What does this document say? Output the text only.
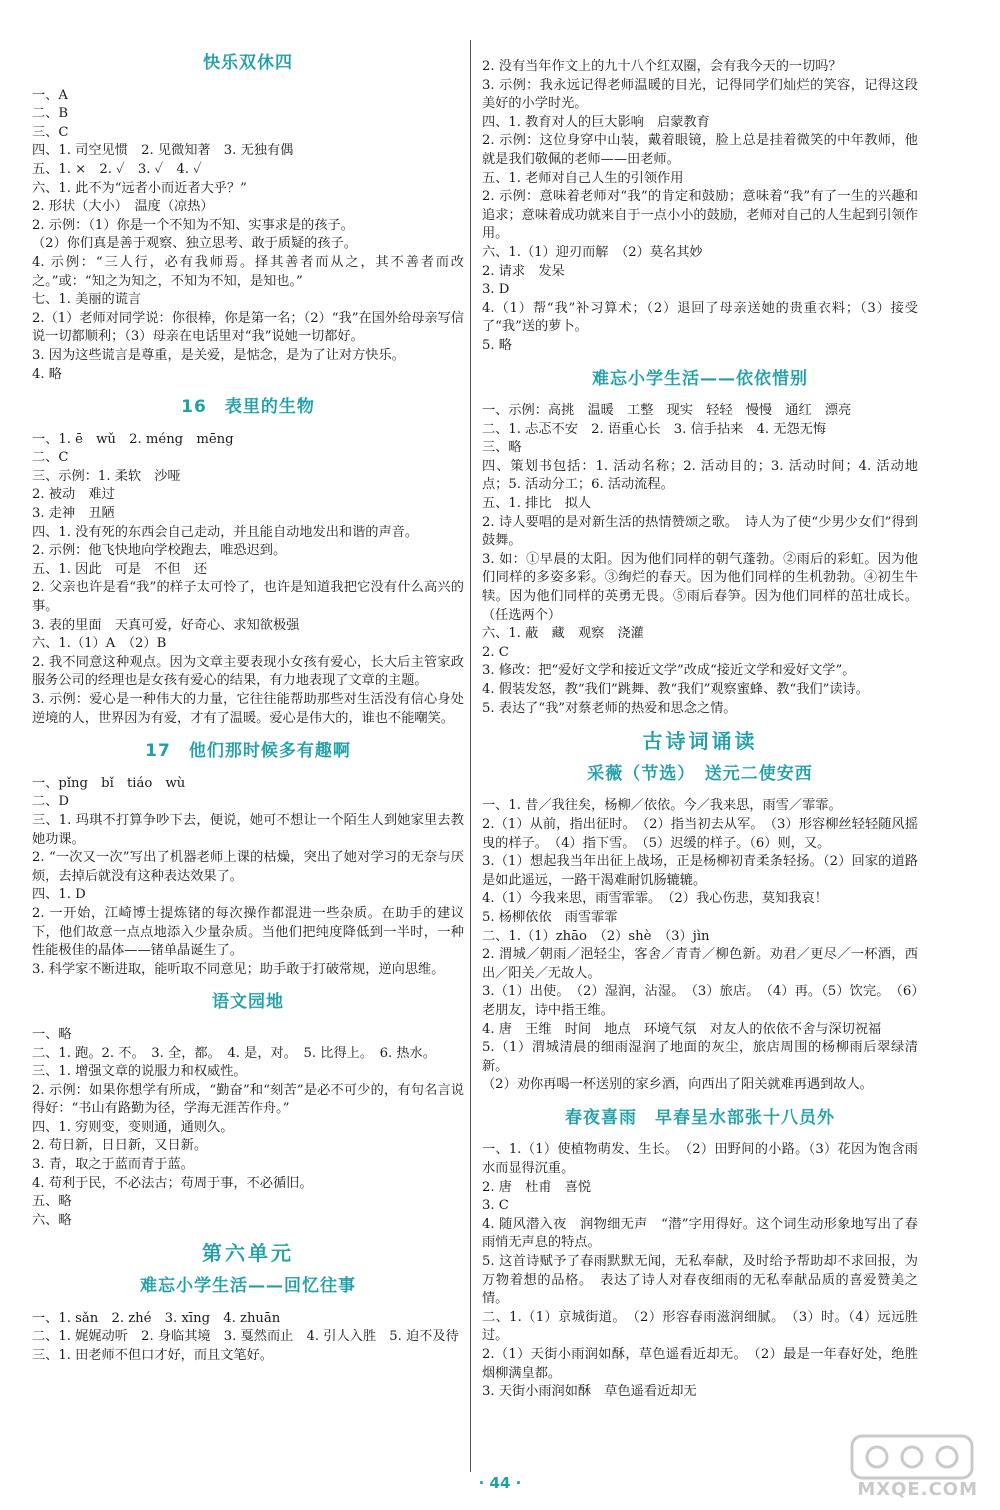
快乐双休四
一、A
二、B
三、C
四、1. 司空见惯　2. 见微知著　3. 无独有偶
五、1. ×　2. ✓　3. ✓　4. ✓
六、1. 此不为“远者小而近者大乎？”
2. 形状（大小）　温度（凉热）
2. 示例：（1）你是一个不知为不知、实事求是的孩子。
（2）你们真是善于观察、独立思考、敢于质疑的孩子。
4. 示例：“三人行，必有我师焉。择其善者而从之，其不善者而改之。”或：“知之为知之，不知为不知，是知也。”
七、1. 美丽的谎言
2.（1）老师对同学说：你很棒，你是第一名；（2）“我”在国外给母亲写信说一切都顺利；（3）母亲在电话里对“我”说她一切都好。
3. 因为这些谎言是尊重，是关爱，是惦念，是为了让对方快乐。
4. 略
16　表里的生物
一、1. ē　wǔ　2. méng　mēng
二、C
三、示例：1. 柔软　沙哑
2. 被动　难过
3. 走神　丑陋
四、1. 没有死的东西会自己走动，并且能自动地发出和谐的声音。
2. 示例：他飞快地向学校跑去，唯恐迟到。
五、1. 因此　可是　不但　还
2. 父亲也许是看“我”的样子太可怜了，也许是知道我把它没有什么高兴的事。
3. 表的里面　天真可爱，好奇心、求知欲极强
六、1.（1）A　（2）B
2. 我不同意这种观点。因为文章主要表现小女孩有爱心，长大后主管家政服务公司的经理也是女孩有爱心的结果，有力地表现了文章的主题。
3. 示例：爱心是一种伟大的力量，它往往能帮助那些对生活没有信心身处逆境的人，世界因为有爱，才有了温暖。爱心是伟大的，谁也不能嘲笑。
17　他们那时候多有趣啊
一、pǐng　bǐ　tiáo　wù
二、D
三、1. 玛琪不打算争吵下去，便说，她可不想让一个陌生人到她家里去教她功课。
2. “一次又一次”写出了机器老师上课的枯燥，突出了她对学习的无奈与厌烦，去掉后就没有这种表达效果了。
四、1. D
2. 一开始，江崎博士提炼锗的每次操作都混进一些杂质。在助手的建议下，他们故意一点点地添入少量杂质。当他们把纯度降低到一半时，一种性能极佳的晶体——锗单晶诞生了。
3. 科学家不断进取，能听取不同意见；助手敢于打破常规，逆向思维。
语文园地
一、略
二、1. 跑。2. 不。　3. 全，都。　4. 是，对。　5. 比得上。　6. 热水。
三、1. 增强文章的说服力和权威性。
2. 示例：如果你想学有所成，“勤奋”和“刻苦”是必不可少的，有句名言说得好：“书山有路勤为径，学海无涯苦作舟。”
四、1. 穷则变，变则通，通则久。
2. 苟日新，日日新，又日新。
3. 青，取之于蓝而青于蓝。
4. 苟利于民，不必法古；苟周于事，不必循旧。
五、略
六、略
第六单元
难忘小学生活——回忆往事
一、1. sǎn　2. zhé　3. xīng　4. zhuān
二、1. 娓娓动听　2. 身临其境　3. 戛然而止　4. 引人入胜　5. 迫不及待
三、1. 田老师不但口才好，而且文笔好。
2. 没有当年作文上的九十八个红双圈，会有我今天的一切吗？
3. 示例：我永远记得老师温暖的目光，记得同学们灿烂的笑容，记得这段美好的小学时光。
四、1. 教育对人的巨大影响　启蒙教育
2. 示例：这位身穿中山装，戴着眼镜，脸上总是挂着微笑的中年教师，他就是我们敬佩的老师——田老师。
五、1. 老师对自己人生的引领作用
2. 示例：意味着老师对“我”的肯定和鼓励；意味着“我”有了一生的兴趣和追求；意味着成功就来自于一点小小的鼓励，老师对自己的人生起到引领作用。
六、1.（1）迎刃而解　（2）莫名其妙
2. 请求　发呆
3. D
4.（1）帮“我”补习算术；（2）退回了母亲送她的贵重衣料；（3）接受了“我”送的萝卜。
5. 略
难忘小学生活——依依惜别
一、示例：高挑　温暖　工整　现实　轻轻　慢慢　通红　漂亮
二、1. 忐忑不安　2. 语重心长　3. 信手拈来　4. 无怨无悔
三、略
四、策划书包括：1. 活动名称；2. 活动目的；3. 活动时间；4. 活动地点；5. 活动分工；6. 活动流程。
五、1. 排比　拟人
2. 诗人要唱的是对新生活的热情赞颂之歌。　诗人为了使“少男少女们”得到鼓舞。
3. 如：①早晨的太阳。因为他们同样的朝气蓬勃。②雨后的彩虹。因为他们同样的多姿多彩。③绚烂的春天。因为他们同样的生机勃勃。④初生牛犊。因为他们同样的英勇无畏。⑤雨后春笋。因为他们同样的茁壮成长。（任选两个）
六、1. 蔽　藏　观察　浇灌
2. C
3. 修改：把“爱好文学和接近文学”改成“接近文学和爱好文学”。
4. 假装发怒，教“我们”跳舞、教“我们”观察蜜蜂、教“我们”读诗。
5. 表达了“我”对蔡老师的热爱和思念之情。
古诗词诵读
采薇（节选）　送元二使安西
一、1. 昔／我往矣，杨柳／依依。今／我来思，雨雪／霏霏。
2.（1）从前，指出征时。　（2）指当初去从军。　（3）形容柳丝轻轻随风摇曳的样子。　（4）指下雪。　（5）迟缓的样子。（6）则，又。
3.（1）想起我当年出征上战场，正是杨柳初青柔条轻扬。（2）回家的道路是如此遥远，一路干渴难耐饥肠辘辘。
4.（1）今我来思，雨雪霏霏。　（2）我心伤悲，莫知我哀！
5. 杨柳依依　雨雪霏霏
二、1.（1）zhāo　（2）shè　（3）jìn
2. 渭城／朝雨／浥轻尘，客舍／青青／柳色新。劝君／更尽／一杯酒，西出／阳关／无故人。
3.（1）出使。　（2）湿润，沾湿。　（3）旅店。　（4）再。（5）饮完。　（6）老朋友，诗中指王维。
4. 唐　王维　时间　地点　环境气氛　对友人的依依不舍与深切祝福
5.（1）渭城清晨的细雨湿润了地面的灰尘，旅店周围的杨柳雨后翠绿清新。
（2）劝你再喝一杯送别的家乡酒，向西出了阳关就难再遇到故人。
春夜喜雨　早春呈水部张十八员外
一、1.（1）使植物萌发、生长。　（2）田野间的小路。（3）花因为饱含雨水而显得沉重。
2. 唐　杜甫　喜悦
3. C
4. 随风潜入夜　润物细无声　“潜”字用得好。这个词生动形象地写出了春雨悄无声息的特点。
5. 这首诗赋予了春雨默默无闻，无私奉献，及时给予帮助却不求回报，为万物着想的品格。　表达了诗人对春夜细雨的无私奉献品质的喜爱赞美之情。
二、1.（1）京城街道。　（2）形容春雨滋润细腻。　（3）时。（4）远远胜过。
2.（1）天街小雨润如酥，草色遥看近却无。　（2）最是一年春好处，绝胜烟柳满皇都。
3. 天街小雨润如酥　草色遥看近却无
· 44 ·	MXQE.COM
